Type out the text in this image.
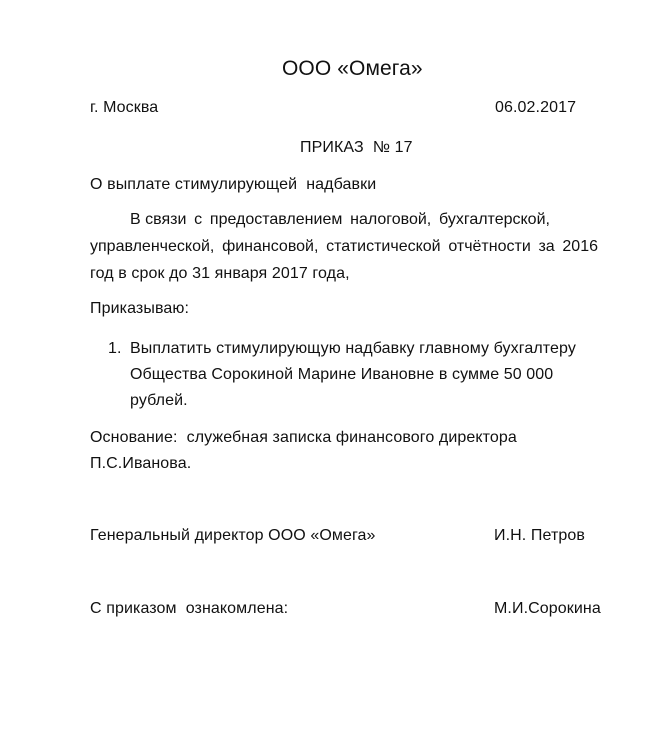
ООО «Омега»
г. Москва	06.02.2017
ПРИКАЗ  № 17
О выплате стимулирующей  надбавки
В связи с предоставлением налоговой, бухгалтерской,
управленческой, финансовой, статистической отчётности за 2016
год в срок до 31 января 2017 года,
Приказываю:
1. Выплатить стимулирующую надбавку главному бухгалтеру
Общества Сорокиной Марине Ивановне в сумме 50 000
рублей.
Основание:  служебная записка финансового директора
П.С.Иванова.
Генеральный директор ООО «Омега»	И.Н. Петров
С приказом  ознакомлена:	М.И.Сорокина
